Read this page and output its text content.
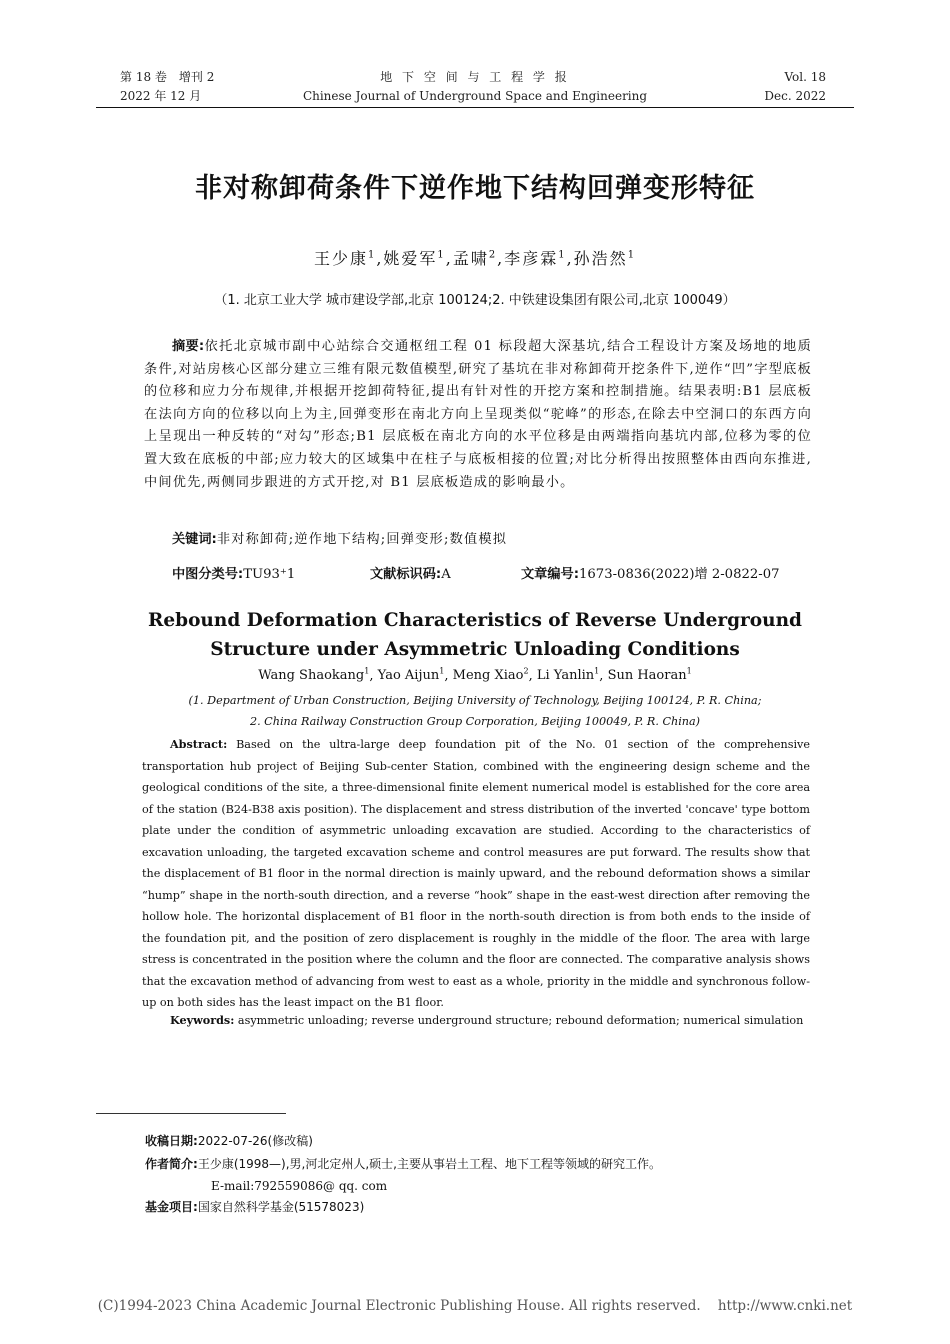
第 18 卷　增刊 2
2022 年 12 月
地 下 空 间 与 工 程 学 报
Chinese Journal of Underground Space and Engineering
Vol. 18
Dec. 2022
非对称卸荷条件下逆作地下结构回弹变形特征
王少康$^1$,姚爱军$^1$,孟啸$^2$,李彦霖$^1$,孙浩然$^1$
（1. 北京工业大学 城市建设学部,北京 100124;2. 中铁建设集团有限公司,北京 100049）
摘要:依托北京城市副中心站综合交通枢纽工程 01 标段超大深基坑,结合工程设计方案及场地的地质条件,对站房核心区部分建立三维有限元数值模型,研究了基坑在非对称卸荷开挖条件下,逆作“凹”字型底板的位移和应力分布规律,并根据开挖卸荷特征,提出有针对性的开挖方案和控制措施。结果表明:B1 层底板在法向方向的位移以向上为主,回弹变形在南北方向上呈现类似“驼峰”的形态,在除去中空洞口的东西方向上呈现出一种反转的“对勾”形态;B1 层底板在南北方向的水平位移是由两端指向基坑内部,位移为零的位置大致在底板的中部;应力较大的区域集中在柱子与底板相接的位置;对比分析得出按照整体由西向东推进,中间优先,两侧同步跟进的方式开挖,对 B1 层底板造成的影响最小。
关键词:非对称卸荷;逆作地下结构;回弹变形;数值模拟
中图分类号:TU93⁺1	文献标识码:A	文章编号:1673-0836(2022)增 2-0822-07
Rebound Deformation Characteristics of Reverse Underground
Structure under Asymmetric Unloading Conditions
Wang Shaokang$^1$, Yao Aijun$^1$, Meng Xiao$^2$, Li Yanlin$^1$, Sun Haoran$^1$
(1. Department of Urban Construction, Beijing University of Technology, Beijing 100124, P. R. China;
2. China Railway Construction Group Corporation, Beijing 100049, P. R. China)
Abstract: Based on the ultra-large deep foundation pit of the No. 01 section of the comprehensive transportation hub project of Beijing Sub-center Station, combined with the engineering design scheme and the geological conditions of the site, a three-dimensional finite element numerical model is established for the core area of the station (B24-B38 axis position). The displacement and stress distribution of the inverted 'concave' type bottom plate under the condition of asymmetric unloading excavation are studied. According to the characteristics of excavation unloading, the targeted excavation scheme and control measures are put forward. The results show that the displacement of B1 floor in the normal direction is mainly upward, and the rebound deformation shows a similar “hump” shape in the north-south direction, and a reverse “hook” shape in the east-west direction after removing the hollow hole. The horizontal displacement of B1 floor in the north-south direction is from both ends to the inside of the foundation pit, and the position of zero displacement is roughly in the middle of the floor. The area with large stress is concentrated in the position where the column and the floor are connected. The comparative analysis shows that the excavation method of advancing from west to east as a whole, priority in the middle and synchronous follow-up on both sides has the least impact on the B1 floor.
Keywords: asymmetric unloading; reverse underground structure; rebound deformation; numerical simulation
收稿日期:2022-07-26(修改稿)
作者简介:王少康(1998—),男,河北定州人,硕士,主要从事岩土工程、地下工程等领域的研究工作。
E-mail:792559086@ qq. com
基金项目:国家自然科学基金(51578023)
(C)1994-2023 China Academic Journal Electronic Publishing House. All rights reserved.    http://www.cnki.net
